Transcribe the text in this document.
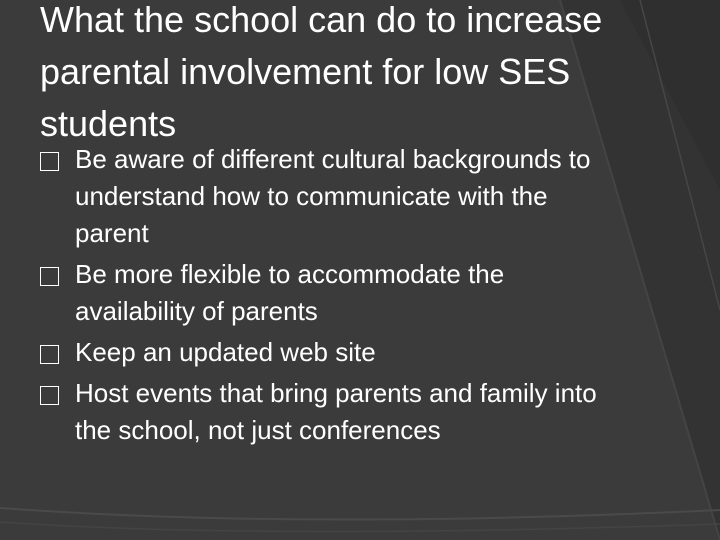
What the school can do to increase parental involvement for low SES students
Be aware of different cultural backgrounds to understand how to communicate with the parent
Be more flexible to accommodate the availability of parents
Keep an updated web site
Host events that bring parents and family into the school, not just conferences
